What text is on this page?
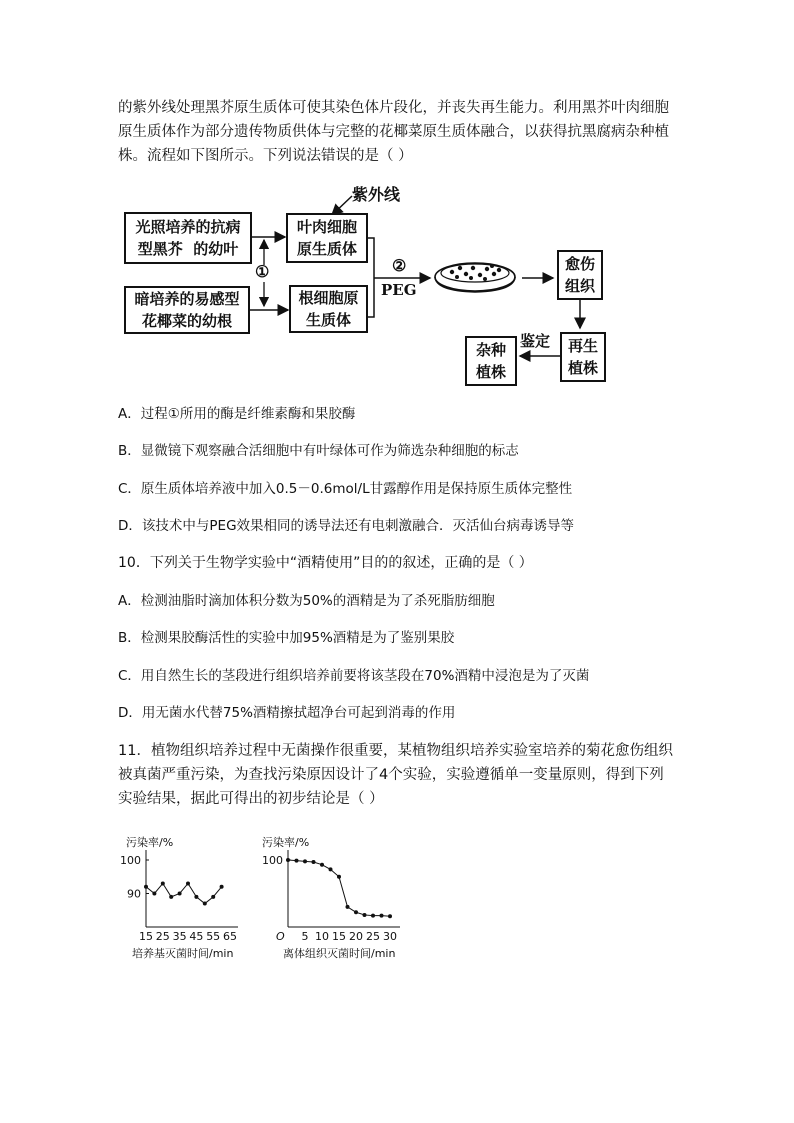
的紫外线处理黑芥原生质体可使其染色体片段化，并丧失再生能力。利用黑芥叶肉细胞
原生质体作为部分遗传物质供体与完整的花椰菜原生质体融合，以获得抗黑腐病杂种植
株。流程如下图所示。下列说法错误的是（ ）
紫外线
光照培养的抗病
型黑芥  的幼叶
暗培养的易感型
花椰菜的幼根
叶肉细胞
原生质体
根细胞原
生质体
①	②
PEG
愈伤
组织
再生
植株
鉴定
杂种
植株
A．过程①所用的酶是纤维素酶和果胶酶
B．显微镜下观察融合活细胞中有叶绿体可作为筛选杂种细胞的标志
C．原生质体培养液中加入0.5－0.6mol/L甘露醇作用是保持原生质体完整性
D．该技术中与PEG效果相同的诱导法还有电刺激融合．灭活仙台病毒诱导等
10．下列关于生物学实验中“酒精使用”目的的叙述，正确的是（ ）
A．检测油脂时滴加体积分数为50%的酒精是为了杀死脂肪细胞
B．检测果胶酶活性的实验中加95%酒精是为了鉴别果胶
C．用自然生长的茎段进行组织培养前要将该茎段在70%酒精中浸泡是为了灭菌
D．用无菌水代替75%酒精擦拭超净台可起到消毒的作用
11．植物组织培养过程中无菌操作很重要，某植物组织培养实验室培养的菊花愈伤组织
被真菌严重污染，为查找污染原因设计了4个实验，实验遵循单一变量原则，得到下列
实验结果，据此可得出的初步结论是（ ）
污染率/%
培养基灭菌时间/min
90
100
15 25 35 45 55 65
污染率/%
离体组织灭菌时间/min
O
100
5 10 15 20 25 30
